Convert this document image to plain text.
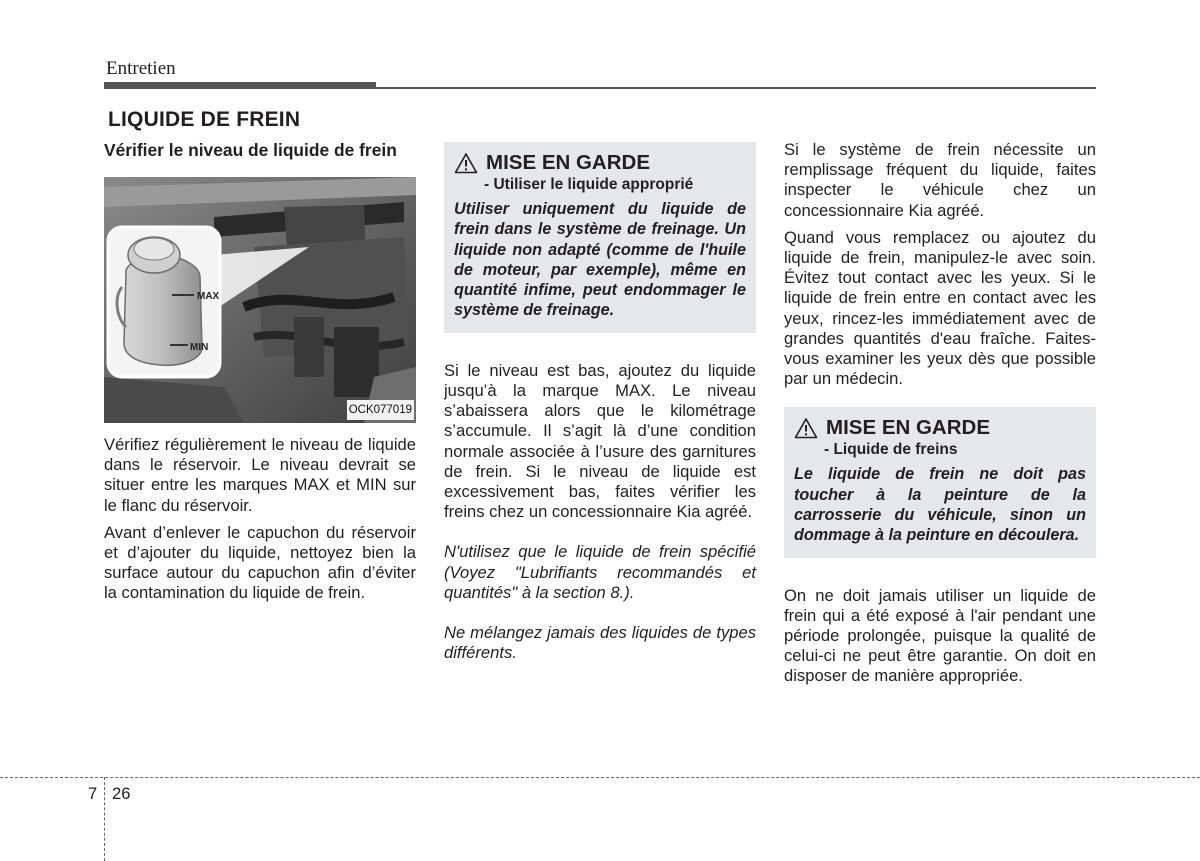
Entretien
LIQUIDE DE FREIN
Vérifier le niveau de liquide de frein
MAX
MIN
OCK077019

Vérifiez régulièrement le niveau de liquide dans le réservoir. Le niveau devrait se situer entre les marques MAX et MIN sur le flanc du réservoir.

Avant d’enlever le capuchon du réservoir et d’ajouter du liquide, nettoyez bien la surface autour du capuchon afin d’éviter la contamination du liquide de frein.

MISE EN GARDE
- Utiliser le liquide approprié
Utiliser uniquement du liquide de frein dans le système de freinage. Un liquide non adapté (comme de l'huile de moteur, par exemple), même en quantité infime, peut endommager le système de freinage.

Si le niveau est bas, ajoutez du liquide jusqu’à la marque MAX. Le niveau s’abaissera alors que le kilométrage s’accumule. Il s’agit là d’une condition normale associée à l’usure des garnitures de frein. Si le niveau de liquide est excessivement bas, faites vérifier les freins chez un concessionnaire Kia agréé.

N'utilisez que le liquide de frein spécifié (Voyez "Lubrifiants recommandés et quantités" à la section 8.).

Ne mélangez jamais des liquides de types différents.

Si le système de frein nécessite un remplissage fréquent du liquide, faites inspecter le véhicule chez un concessionnaire Kia agréé.

Quand vous remplacez ou ajoutez du liquide de frein, manipulez-le avec soin. Évitez tout contact avec les yeux. Si le liquide de frein entre en contact avec les yeux, rincez-les immédiatement avec de grandes quantités d'eau fraîche. Faites-vous examiner les yeux dès que possible par un médecin.

MISE EN GARDE
- Liquide de freins
Le liquide de frein ne doit pas toucher à la peinture de la carrosserie du véhicule, sinon un dommage à la peinture en découlera.

On ne doit jamais utiliser un liquide de frein qui a été exposé à l'air pendant une période prolongée, puisque la qualité de celui-ci ne peut être garantie. On doit en disposer de manière appropriée.

7 26
